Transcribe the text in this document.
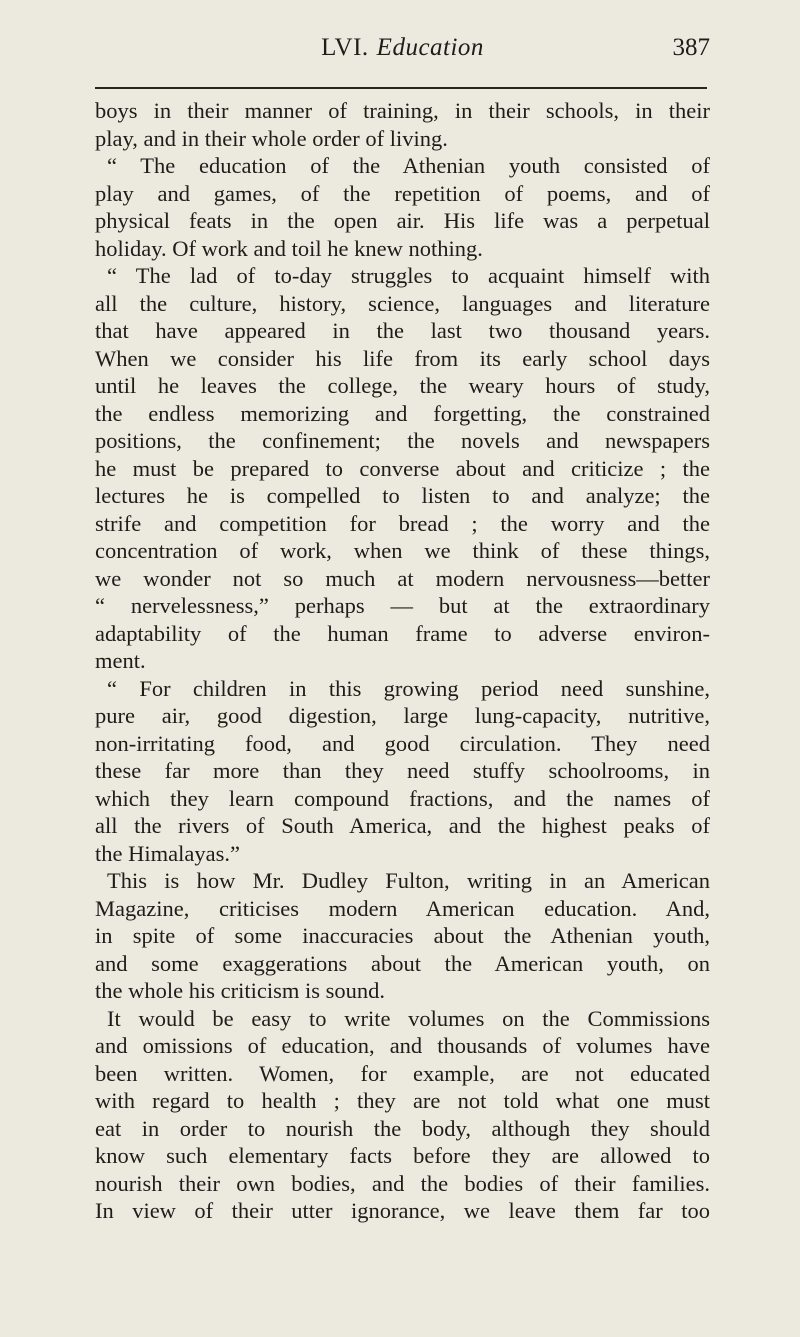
LVI. Education	387
boys in their manner of training, in their schools, in their
play, and in their whole order of living.
“ The education of the Athenian youth consisted of
play and games, of the repetition of poems, and of
physical feats in the open air. His life was a perpetual
holiday. Of work and toil he knew nothing.
“ The lad of to-day struggles to acquaint himself with
all the culture, history, science, languages and literature
that have appeared in the last two thousand years.
When we consider his life from its early school days
until he leaves the college, the weary hours of study,
the endless memorizing and forgetting, the constrained
positions, the confinement; the novels and newspapers
he must be prepared to converse about and criticize ; the
lectures he is compelled to listen to and analyze; the
strife and competition for bread ; the worry and the
concentration of work, when we think of these things,
we wonder not so much at modern nervousness—better
“ nervelessness,” perhaps — but at the extraordinary
adaptability of the human frame to adverse environ-
ment.
“ For children in this growing period need sunshine,
pure air, good digestion, large lung-capacity, nutritive,
non-irritating food, and good circulation. They need
these far more than they need stuffy schoolrooms, in
which they learn compound fractions, and the names of
all the rivers of South America, and the highest peaks of
the Himalayas.”
This is how Mr. Dudley Fulton, writing in an American
Magazine, criticises modern American education. And,
in spite of some inaccuracies about the Athenian youth,
and some exaggerations about the American youth, on
the whole his criticism is sound.
It would be easy to write volumes on the Commissions
and omissions of education, and thousands of volumes have
been written. Women, for example, are not educated
with regard to health ; they are not told what one must
eat in order to nourish the body, although they should
know such elementary facts before they are allowed to
nourish their own bodies, and the bodies of their families.
In view of their utter ignorance, we leave them far too
